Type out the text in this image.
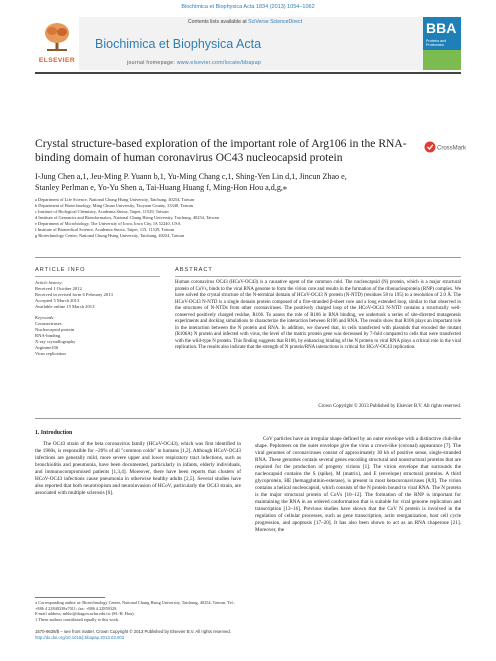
Biochimica et Biophysica Acta 1834 (2013) 1054–1062
Contents lists available at SciVerse ScienceDirect
ELSEVIER
Biochimica et Biophysica Acta
journal homepage: www.elsevier.com/locate/bbapap
BBA
Proteins and Proteomics
Crystal structure-based exploration of the important role of Arg106 in the RNA-binding domain of human coronavirus OC43 nucleocapsid protein
CrossMark
I-Jung Chen a,1, Jeu-Ming P. Yuann b,1, Yu-Ming Chang c,1, Shing-Yen Lin d,1, Jincun Zhao e,
Stanley Perlman e, Yo-Yu Shen a, Tai-Huang Huang f, Ming-Hon Hou a,d,g,⁎
a Department of Life Science, National Chung Hsing University, Taichung, 40254, Taiwan
b Department of Biotechnology, Ming Chuan University, Taoyuan County, 33348, Taiwan
c Institute of Biological Chemistry, Academia Sinica, Taipei, 11529, Taiwan
d Institute of Genomics and Bioinformatics, National Chung Hsing University, Taichung, 40254, Taiwan
e Department of Microbiology, The University of Iowa, Iowa City, IA 52240, USA
f Institute of Biomedical Science, Academia Sinica, Taipei, 115, 11529, Taiwan
g Biotechnology Center, National Chung Hsing University, Taichung, 40254, Taiwan
ARTICLE INFO	ABSTRACT
Article history:
Received 1 October 2012
Received in revised form 6 February 2013
Accepted 5 March 2013
Available online 15 March 2013
Keywords:
Coronaviruses
Nucleocapsid protein
RNA-binding
X-ray crystallography
Arginine106
Virus replication
Human coronavirus OC43 (HCoV-OC43) is a causative agent of the common cold. The nucleocapsid (N) protein, which is a major structural protein of CoVs, binds to the viral RNA genome to form the virion core and results in the formation of the ribonucleoprotein (RNP) complex. We have solved the crystal structure of the N-terminal domain of HCoV-OC43 N protein (N-NTD) (residues 58 to 195) to a resolution of 2.0 Å. The HCoV-OC43 N-NTD is a single domain protein composed of a five-stranded β-sheet core and a long extended loop, similar to that observed in the structures of N-NTDs from other coronaviruses. The positively charged loop of the HCoV-OC43 N-NTD contains a structurally well-conserved positively charged residue, R106. To assess the role of R106 in RNA binding, we undertook a series of site-directed mutagenesis experiments and docking simulations to characterize the interaction between R106 and RNA. The results show that R106 plays an important role in the interaction between the N protein and RNA. In addition, we showed that, in cells transfected with plasmids that encoded the mutant (R106A) N protein and infected with virus, the level of the matrix protein gene was decreased by 7-fold compared to cells that were transfected with the wild-type N protein. This finding suggests that R106, by enhancing binding of the N protein to viral RNA plays a critical role in the viral replication. The results also indicate that the strength of N protein/RNA interactions is critical for HCoV-OC43 replication.
Crown Copyright © 2013 Published by Elsevier B.V. All rights reserved.
1. Introduction
The OC43 strain of the beta coronavirus family (HCoV-OC43), which was first identified in the 1960s, is responsible for ~20% of all "common colds" in humans [1,2]. Although HCoV-OC43 infections are generally mild, more severe upper and lower respiratory tract infections, such as bronchiolitis and pneumonia, have been documented, particularly in infants, elderly individuals, and immunocompromised patients [1,3,4]. Moreover, there have been reports that clusters of HCoV-OC43 infections cause pneumonia in otherwise healthy adults [2,5]. Several studies have also reported that both neurotropism and neuroinvasion of HCoV, particularly the OC43 strain, are associated with multiple sclerosis [6].
CoV particles have an irregular shape defined by an outer envelope with a distinctive club-like shape. Peplomers on the outer envelope give the virus a crown-like (coronal) appearance [7]. The viral genomes of coronaviruses consist of approximately 30 kb of positive sense, single-stranded RNA. These genomes contain several genes encoding structural and nonstructural proteins that are required for the production of progeny virions [1]. The virion envelope that surrounds the nucleocapsid contains the S (spike), M (matrix), and E (envelope) structural proteins. A third glycoprotein, HE (hemagglutinin-esterase), is present in most betacoronaviruses [8,9]. The virion contains a helical nucleocapsid, which consists of the N protein bound to viral RNA. The N protein is the major structural protein of CoVs [10–12]. The formation of the RNP is important for maintaining the RNA in an ordered conformation that is suitable for viral genome replication and transcription [13–16]. Previous studies have shown that the CoV N protein is involved in the regulation of cellular processes, such as gene transcription, actin reorganization, host cell cycle progression, and apoptosis [17–20]. It has also been shown to act as an RNA chaperone [21]. Moreover, the
⁎ Corresponding author at: Biotechnology Center, National Chung Hsing University, Taichung, 40254, Taiwan. Tel.: +886 4 22840338x7011; fax: +886 4 22859329.
E-mail address: mhho@dragon.nchu.edu.tw (M.-H. Hou).
1 These authors contributed equally to this work.
1570-9639/$ – see front matter. Crown Copyright © 2013 Published by Elsevier B.V. All rights reserved.
http://dx.doi.org/10.1016/j.bbapap.2013.03.003
